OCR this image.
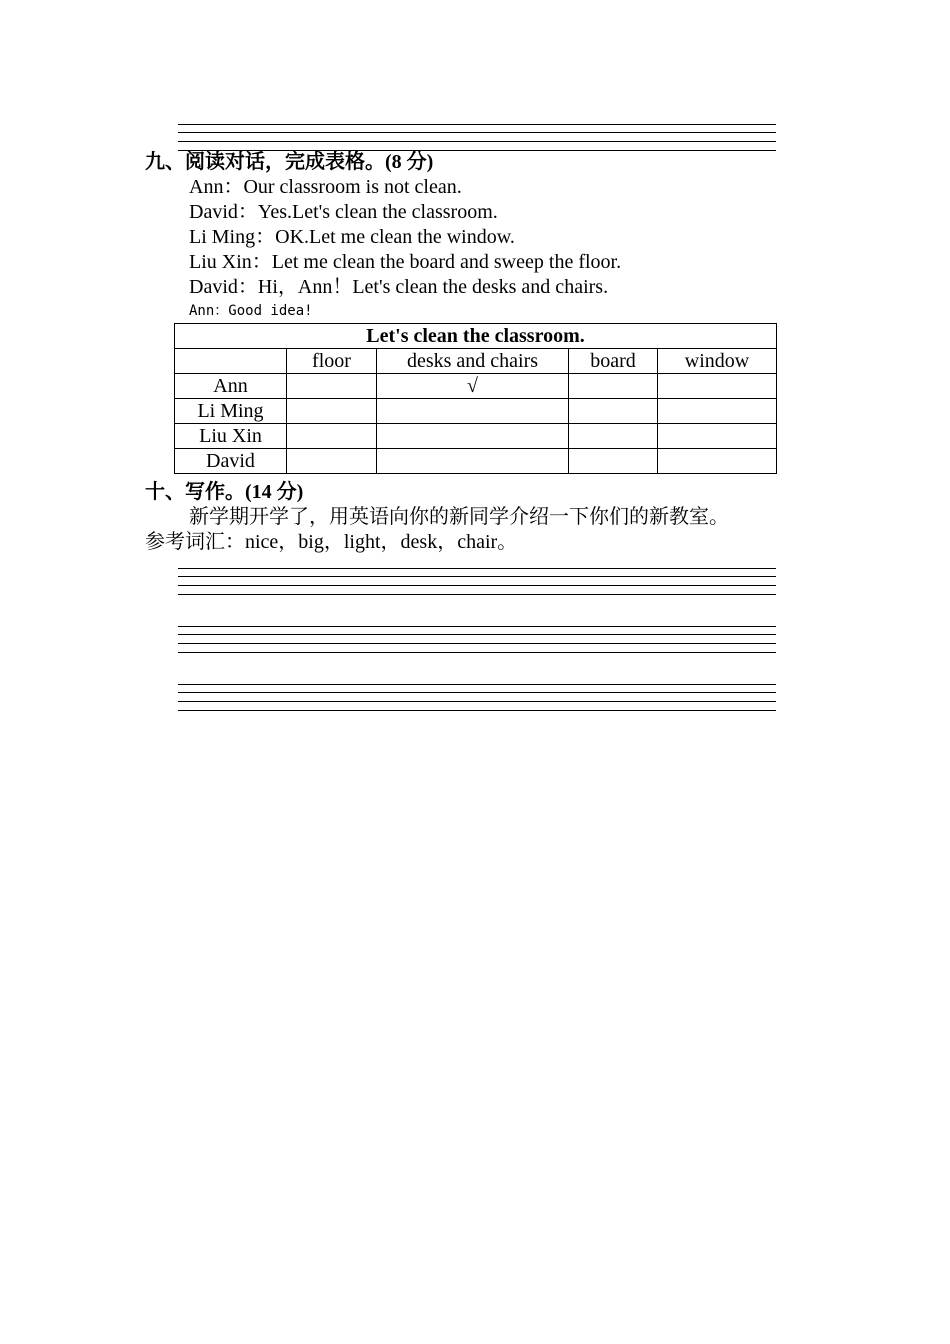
九、阅读对话，完成表格。(8 分)
Ann：Our classroom is not clean.
David：Yes.Let's clean the classroom.
Li Ming：OK.Let me clean the window.
Liu Xin：Let me clean the board and sweep the floor.
David：Hi，Ann！Let's clean the desks and chairs.
Ann：Good idea!
Let's clean the classroom.				
	floor	desks and chairs	board	window
Ann		√		
Li Ming				
Liu Xin				
David				
十、写作。(14 分)
新学期开学了，用英语向你的新同学介绍一下你们的新教室。
参考词汇：nice，big，light，desk，chair。
